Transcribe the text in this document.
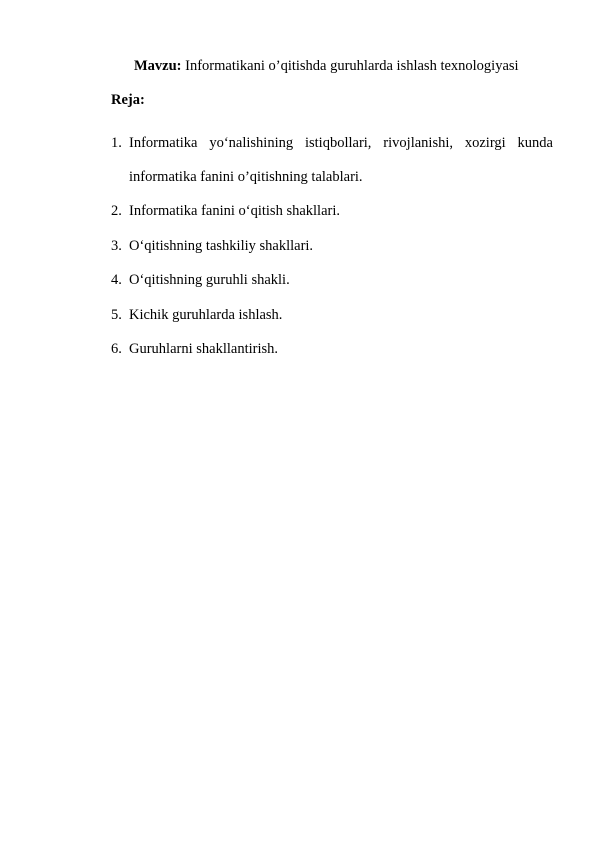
Mavzu: Informatikani o’qitishda guruhlarda ishlash texnologiyasi
Reja:
1. Informatika yo‘nalishining istiqbollari, rivojlanishi, xozirgi kunda informatika fanini o’qitishning talablari.
2. Informatika fanini o‘qitish shakllari.
3. O‘qitishning tashkiliy shakllari.
4. O‘qitishning guruhli shakli.
5. Kichik guruhlarda ishlash.
6. Guruhlarni shakllantirish.
